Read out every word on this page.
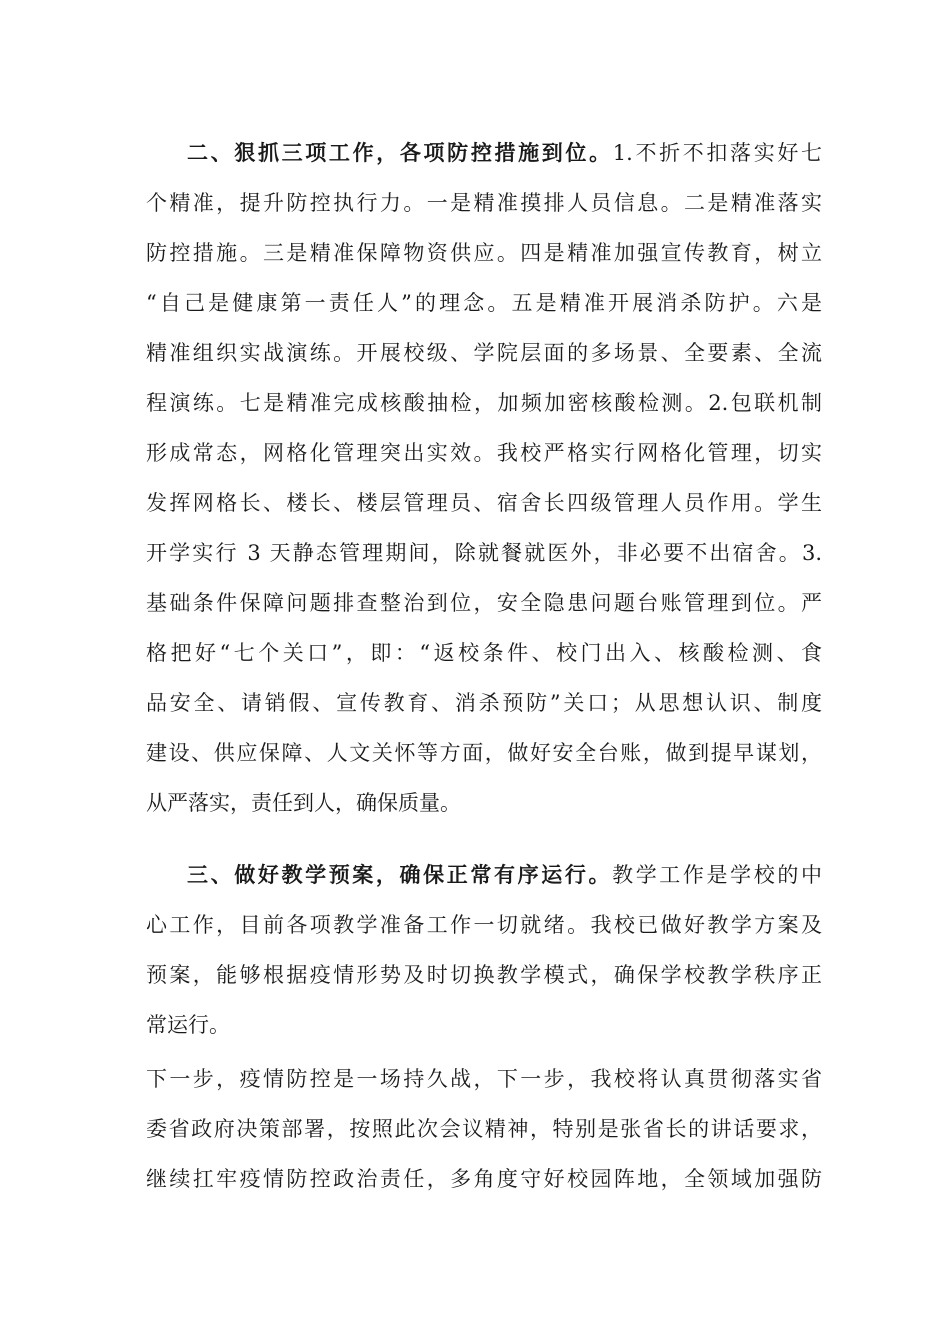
二、狠抓三项工作，各项防控措施到位。1.不折不扣落实好七
个精准，提升防控执行力。一是精准摸排人员信息。二是精准落实
防控措施。三是精准保障物资供应。四是精准加强宣传教育，树立
“自己是健康第一责任人”的理念。五是精准开展消杀防护。六是
精准组织实战演练。开展校级、学院层面的多场景、全要素、全流
程演练。七是精准完成核酸抽检，加频加密核酸检测。2.包联机制
形成常态，网格化管理突出实效。我校严格实行网格化管理，切实
发挥网格长、楼长、楼层管理员、宿舍长四级管理人员作用。学生
开学实行 3 天静态管理期间，除就餐就医外，非必要不出宿舍。3.
基础条件保障问题排查整治到位，安全隐患问题台账管理到位。严
格把好“七个关口”，即：“返校条件、校门出入、核酸检测、食
品安全、请销假、宣传教育、消杀预防”关口；从思想认识、制度
建设、供应保障、人文关怀等方面，做好安全台账，做到提早谋划，
从严落实，责任到人，确保质量。
三、做好教学预案，确保正常有序运行。教学工作是学校的中
心工作，目前各项教学准备工作一切就绪。我校已做好教学方案及
预案，能够根据疫情形势及时切换教学模式，确保学校教学秩序正
常运行。
下一步，疫情防控是一场持久战，下一步，我校将认真贯彻落实省
委省政府决策部署，按照此次会议精神，特别是张省长的讲话要求，
继续扛牢疫情防控政治责任，多角度守好校园阵地，全领域加强防
